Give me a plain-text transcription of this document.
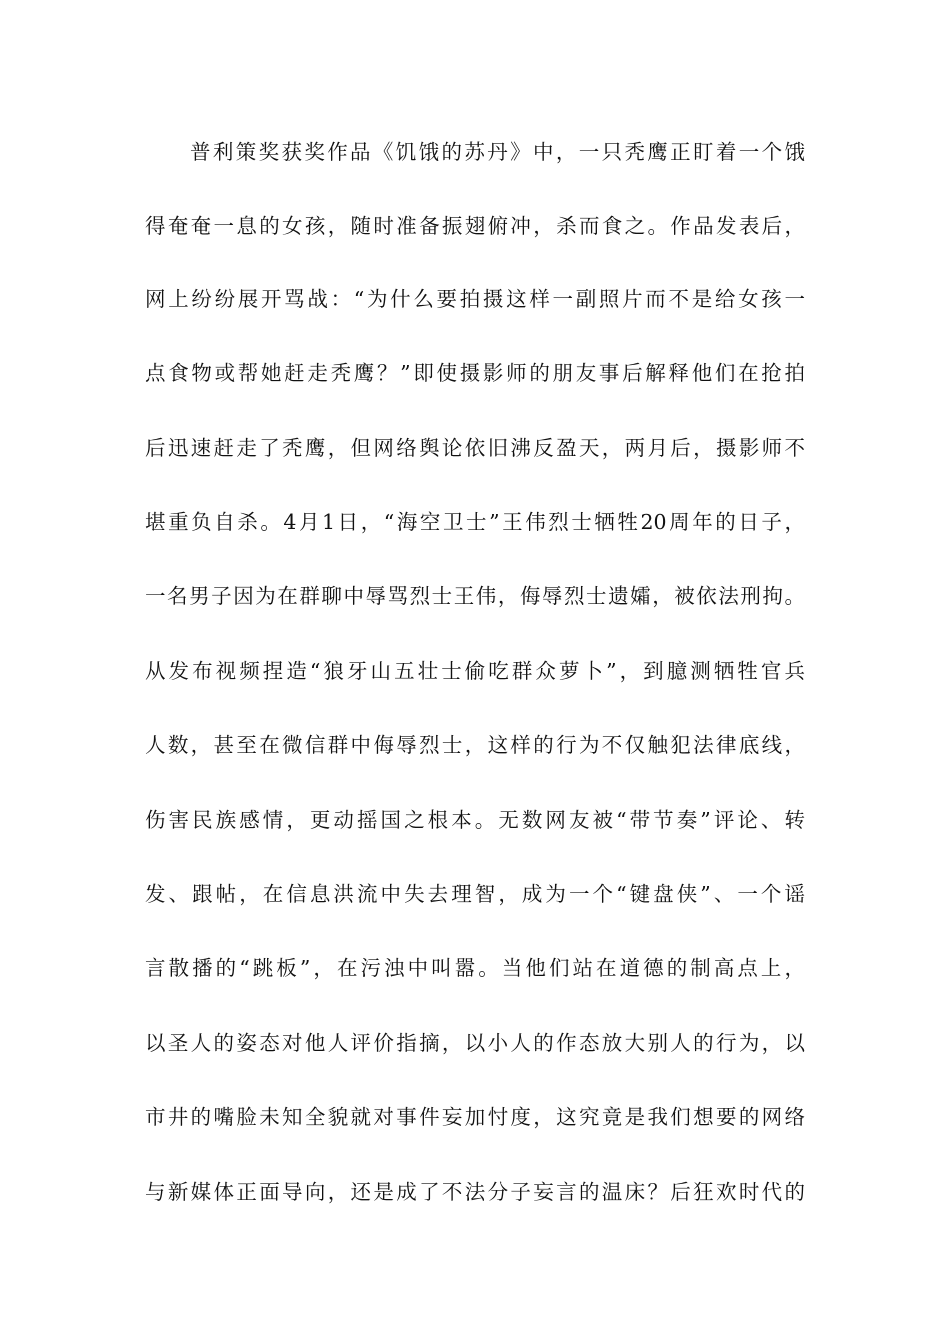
普利策奖获奖作品《饥饿的苏丹》中，一只秃鹰正盯着一个饿
得奄奄一息的女孩，随时准备振翅俯冲，杀而食之。作品发表后，
网上纷纷展开骂战：“为什么要拍摄这样一副照片而不是给女孩一
点食物或帮她赶走秃鹰？”即使摄影师的朋友事后解释他们在抢拍
后迅速赶走了秃鹰，但网络舆论依旧沸反盈天，两月后，摄影师不
堪重负自杀。4月1日，“海空卫士”王伟烈士牺牲20周年的日子，
一名男子因为在群聊中辱骂烈士王伟，侮辱烈士遗孀，被依法刑拘。
从发布视频捏造“狼牙山五壮士偷吃群众萝卜”，到臆测牺牲官兵
人数，甚至在微信群中侮辱烈士，这样的行为不仅触犯法律底线，
伤害民族感情，更动摇国之根本。无数网友被“带节奏”评论、转
发、跟帖，在信息洪流中失去理智，成为一个“键盘侠”、一个谣
言散播的“跳板”，在污浊中叫嚣。当他们站在道德的制高点上，
以圣人的姿态对他人评价指摘，以小人的作态放大别人的行为，以
市井的嘴脸未知全貌就对事件妄加忖度，这究竟是我们想要的网络
与新媒体正面导向，还是成了不法分子妄言的温床？后狂欢时代的
